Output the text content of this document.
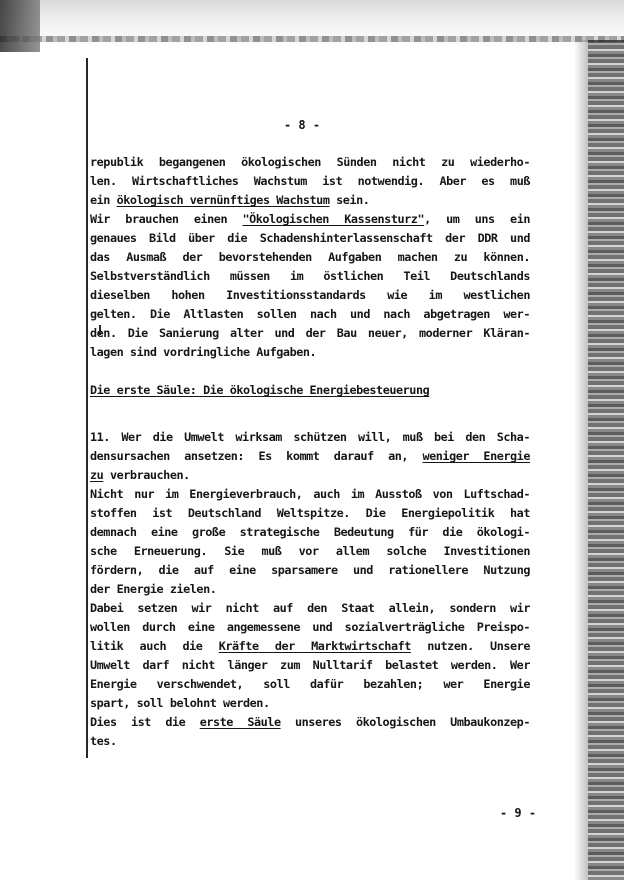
- 8 -
republik begangenen ökologischen Sünden nicht zu wiederho-
len. Wirtschaftliches Wachstum ist notwendig. Aber es muß
ein ökologisch vernünftiges Wachstum sein.
Wir brauchen einen "Ökologischen Kassensturz", um uns ein
genaues Bild über die Schadenshinterlassenschaft der DDR und
das Ausmaß der bevorstehenden Aufgaben machen zu können.
Selbstverständlich müssen im östlichen Teil Deutschlands
dieselben hohen Investitionsstandards wie im westlichen
gelten. Die Altlasten sollen nach und nach abgetragen wer-
den. Die Sanierung alter und der Bau neuer, moderner Kläran-
lagen sind vordringliche Aufgaben.
Die erste Säule: Die ökologische Energiebesteuerung
11. Wer die Umwelt wirksam schützen will, muß bei den Scha-
densursachen ansetzen: Es kommt darauf an, weniger Energie
zu verbrauchen.
Nicht nur im Energieverbrauch, auch im Ausstoß von Luftschad-
stoffen ist Deutschland Weltspitze. Die Energiepolitik hat
demnach eine große strategische Bedeutung für die ökologi-
sche Erneuerung. Sie muß vor allem solche Investitionen
fördern, die auf eine sparsamere und rationellere Nutzung
der Energie zielen.
Dabei setzen wir nicht auf den Staat allein, sondern wir
wollen durch eine angemessene und sozialverträgliche Preispo-
litik auch die Kräfte der Marktwirtschaft nutzen. Unsere
Umwelt darf nicht länger zum Nulltarif belastet werden. Wer
Energie verschwendet, soll dafür bezahlen; wer Energie
spart, soll belohnt werden.
Dies ist die erste Säule unseres ökologischen Umbaukonzep-
tes.
- 9 -
